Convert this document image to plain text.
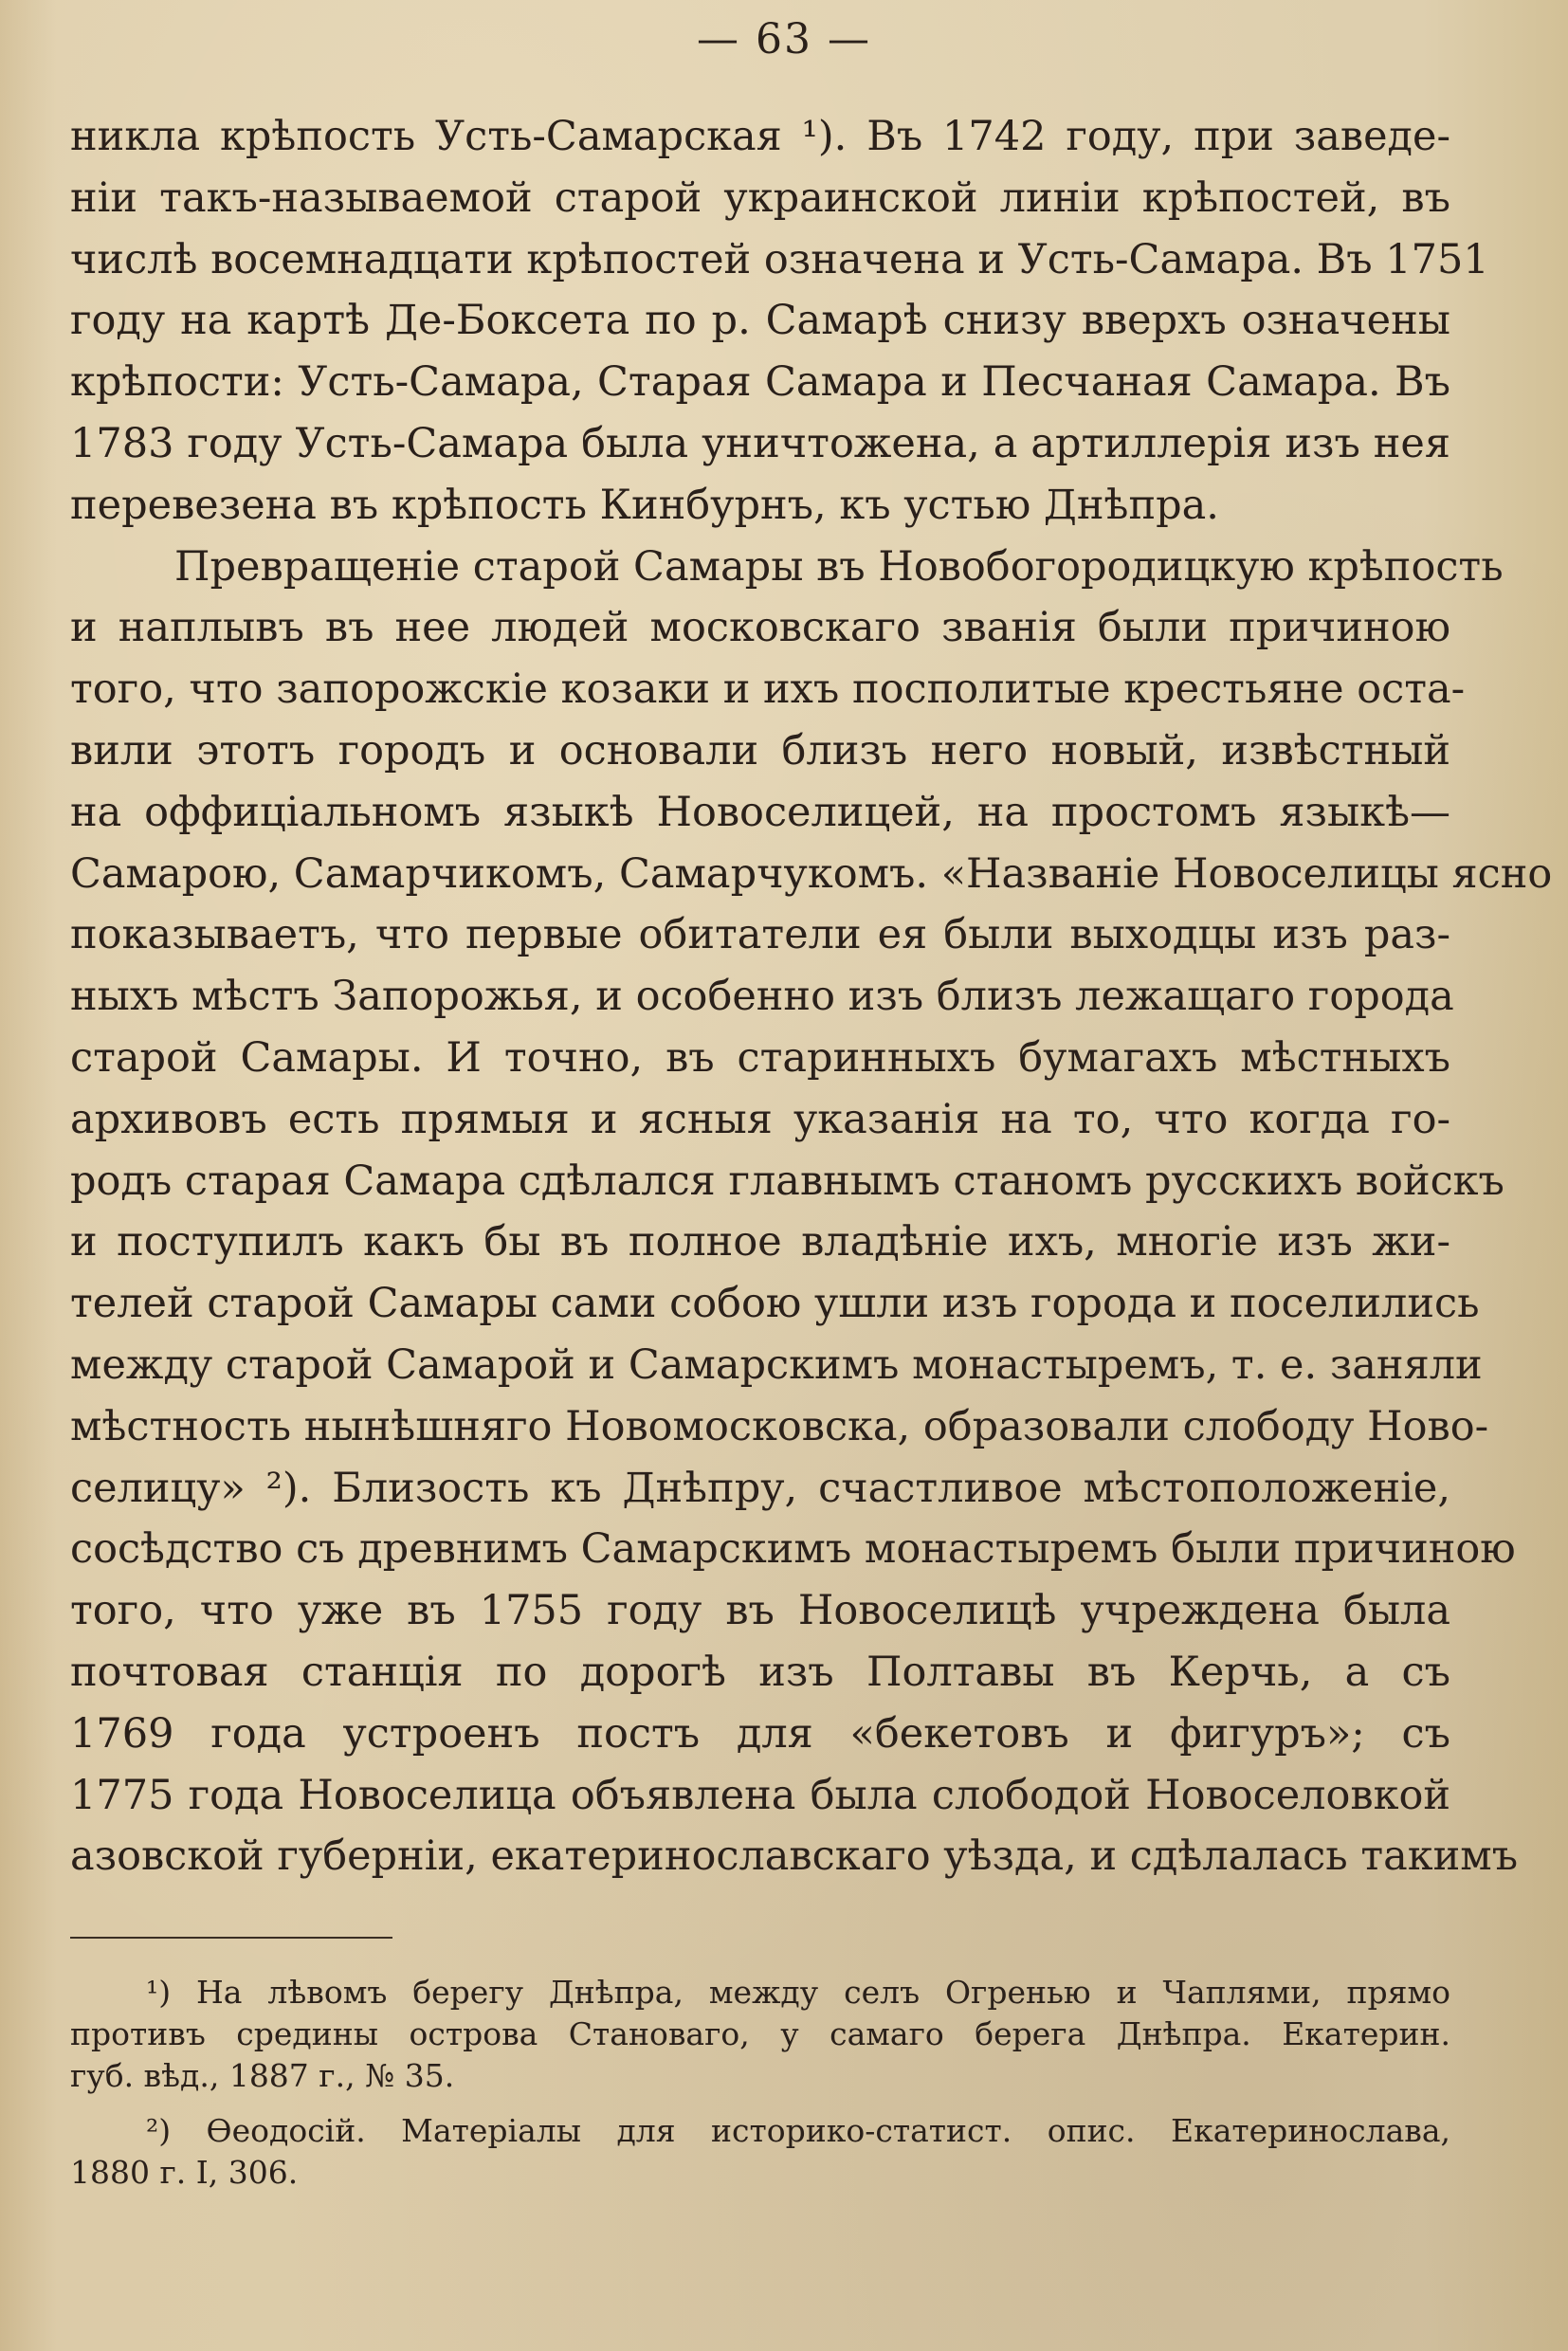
— 63 —
никла крѣпость Усть-Самарская ¹). Въ 1742 году, при заведе-
ніи такъ-называемой старой украинской линіи крѣпостей, въ
числѣ восемнадцати крѣпостей означена и Усть-Самара. Въ 1751
году на картѣ Де-Боксета по р. Самарѣ снизу вверхъ означены
крѣпости: Усть-Самара, Старая Самара и Песчаная Самара. Въ
1783 году Усть-Самара была уничтожена, а артиллерія изъ нея
перевезена въ крѣпость Кинбурнъ, къ устью Днѣпра.
Превращеніе старой Самары въ Новобогородицкую крѣпость
и наплывъ въ нее людей московскаго званія были причиною
того, что запорожскіе козаки и ихъ посполитые крестьяне оста-
вили этотъ городъ и основали близъ него новый, извѣстный
на оффиціальномъ языкѣ Новоселицей, на простомъ языкѣ—
Самарою, Самарчикомъ, Самарчукомъ. «Названіе Новоселицы ясно
показываетъ, что первые обитатели ея были выходцы изъ раз-
ныхъ мѣстъ Запорожья, и особенно изъ близъ лежащаго города
старой Самары. И точно, въ старинныхъ бумагахъ мѣстныхъ
архивовъ есть прямыя и ясныя указанія на то, что когда го-
родъ старая Самара сдѣлался главнымъ станомъ русскихъ войскъ
и поступилъ какъ бы въ полное владѣніе ихъ, многіе изъ жи-
телей старой Самары сами собою ушли изъ города и поселились
между старой Самарой и Самарскимъ монастыремъ, т. е. заняли
мѣстность нынѣшняго Новомосковска, образовали слободу Ново-
селицу» ²). Близость къ Днѣпру, счастливое мѣстоположеніе,
сосѣдство съ древнимъ Самарскимъ монастыремъ были причиною
того, что уже въ 1755 году въ Новоселицѣ учреждена была
почтовая станція по дорогѣ изъ Полтавы въ Керчь, а съ
1769 года устроенъ постъ для «бекетовъ и фигуръ»; съ
1775 года Новоселица объявлена была слободой Новоселовкой
азовской губерніи, екатеринославскаго уѣзда, и сдѣлалась такимъ
¹) На лѣвомъ берегу Днѣпра, между селъ Огренью и Чаплями, прямо
противъ средины острова Становаго, у самаго берега Днѣпра. Екатерин.
губ. вѣд., 1887 г., № 35.
²) Ѳеодосій. Матеріалы для историко-статист. опис. Екатеринослава,
1880 г. I, 306.
